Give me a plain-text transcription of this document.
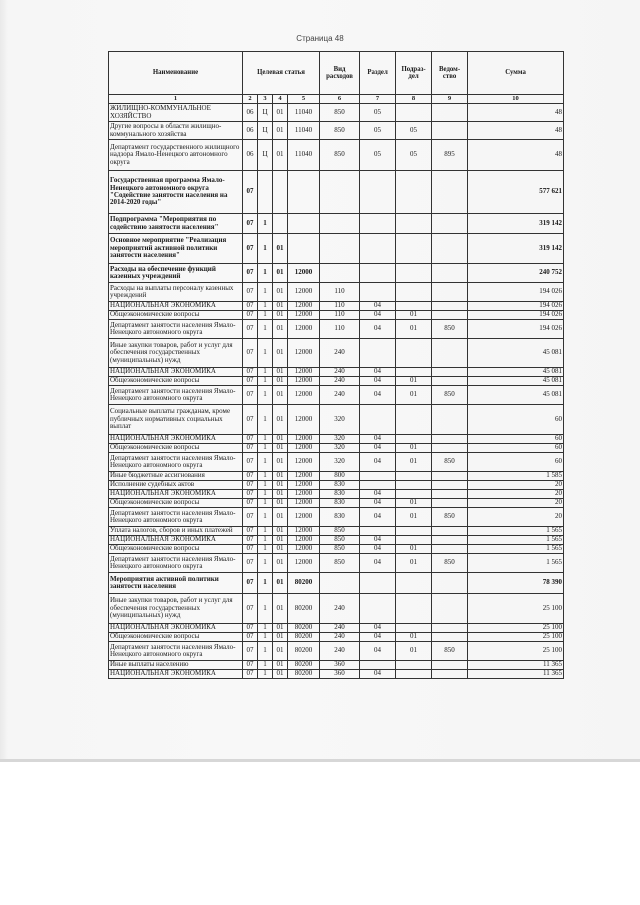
Страница 48
Наименование	Целевая статья				Вид расходов	Раздел	Подраз-дел	Ведом-ство	Сумма
1	2	3	4	5	6	7	8	9	10
ЖИЛИЩНО-КОММУНАЛЬНОЕ ХОЗЯЙСТВО	06	Ц	01	11040	850	05			48
Другие вопросы в области жилищно-коммунального хозяйства	06	Ц	01	11040	850	05	05		48
Департамент государственного жилищного надзора Ямало-Ненецкого автономного округа	06	Ц	01	11040	850	05	05	895	48
Государственная программа Ямало-Ненецкого автономного округа "Содействие занятости населения на 2014-2020 годы"	07								577 621
Подпрограмма "Мероприятия по содействию занятости населения"	07	1							319 142
Основное мероприятие "Реализация мероприятий активной политики занятости населения"	07	1	01						319 142
Расходы на обеспечение функций казенных учреждений	07	1	01	12000					240 752
Расходы на выплаты персоналу казенных учреждений	07	1	01	12000	110				194 026
НАЦИОНАЛЬНАЯ ЭКОНОМИКА	07	1	01	12000	110	04			194 026
Общеэкономические вопросы	07	1	01	12000	110	04	01		194 026
Департамент занятости населения Ямало-Ненецкого автономного округа	07	1	01	12000	110	04	01	850	194 026
Иные закупки товаров, работ и услуг для обеспечения государственных (муниципальных) нужд	07	1	01	12000	240				45 081
НАЦИОНАЛЬНАЯ ЭКОНОМИКА	07	1	01	12000	240	04			45 081
Общеэкономические вопросы	07	1	01	12000	240	04	01		45 081
Департамент занятости населения Ямало-Ненецкого автономного округа	07	1	01	12000	240	04	01	850	45 081
Социальные выплаты гражданам, кроме публичных нормативных социальных выплат	07	1	01	12000	320				60
НАЦИОНАЛЬНАЯ ЭКОНОМИКА	07	1	01	12000	320	04			60
Общеэкономические вопросы	07	1	01	12000	320	04	01		60
Департамент занятости населения Ямало-Ненецкого автономного округа	07	1	01	12000	320	04	01	850	60
Иные бюджетные ассигнования	07	1	01	12000	800				1 585
Исполнение судебных актов	07	1	01	12000	830				20
НАЦИОНАЛЬНАЯ ЭКОНОМИКА	07	1	01	12000	830	04			20
Общеэкономические вопросы	07	1	01	12000	830	04	01		20
Департамент занятости населения Ямало-Ненецкого автономного округа	07	1	01	12000	830	04	01	850	20
Уплата налогов, сборов и иных платежей	07	1	01	12000	850				1 565
НАЦИОНАЛЬНАЯ ЭКОНОМИКА	07	1	01	12000	850	04			1 565
Общеэкономические вопросы	07	1	01	12000	850	04	01		1 565
Департамент занятости населения Ямало-Ненецкого автономного округа	07	1	01	12000	850	04	01	850	1 565
Мероприятия активной политики занятости населения	07	1	01	80200					78 390
Иные закупки товаров, работ и услуг для обеспечения государственных (муниципальных) нужд	07	1	01	80200	240				25 100
НАЦИОНАЛЬНАЯ ЭКОНОМИКА	07	1	01	80200	240	04			25 100
Общеэкономические вопросы	07	1	01	80200	240	04	01		25 100
Департамент занятости населения Ямало-Ненецкого автономного округа	07	1	01	80200	240	04	01	850	25 100
Иные выплаты населению	07	1	01	80200	360				11 365
НАЦИОНАЛЬНАЯ ЭКОНОМИКА	07	1	01	80200	360	04			11 365
